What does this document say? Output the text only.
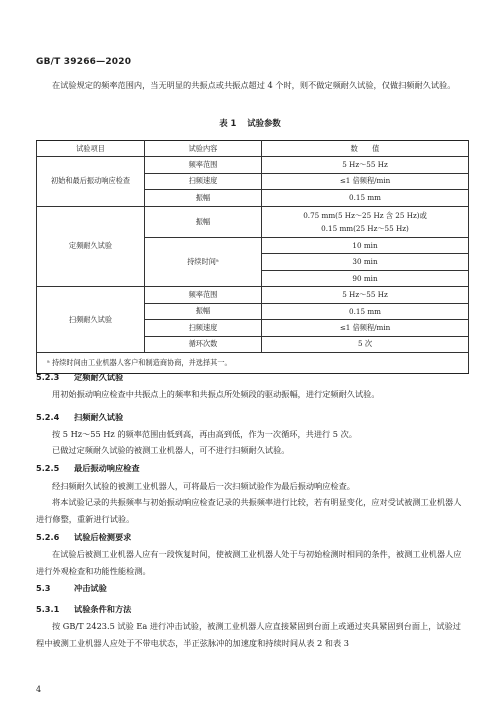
GB/T 39266—2020

在试验规定的频率范围内，当无明显的共振点或共振点超过 4 个时，则不做定频耐久试验，仅做扫频耐久试验。

表 1 试验参数
试验项目	试验内容	数　　值
初始和最后振动响应检查	频率范围	5 Hz～55 Hz
	扫频速度	≤1 倍频程/min
	振幅	0.15 mm
定频耐久试验	振幅	0.75 mm(5 Hz～25 Hz 含 25 Hz)或
0.15 mm(25 Hz～55 Hz)

	持续时间ᵃ	10 min
		30 min
		90 min
扫频耐久试验	频率范围	5 Hz～55 Hz
	振幅	0.15 mm
	扫频速度	≤1 倍频程/min
	循环次数	5 次
ᵃ 持续时间由工业机器人客户和制造商协商，并选择其一。		
5.2.3 定频耐久试验

用初始振动响应检查中共振点上的频率和共振点所处频段的驱动振幅，进行定频耐久试验。

5.2.4 扫频耐久试验

按 5 Hz～55 Hz 的频率范围由低到高，再由高到低，作为一次循环，共进行 5 次。

已做过定频耐久试验的被测工业机器人，可不进行扫频耐久试验。

5.2.5 最后振动响应检查

经扫频耐久试验的被测工业机器人，可将最后一次扫频试验作为最后振动响应检查。

将本试验记录的共振频率与初始振动响应检查记录的共振频率进行比较，若有明显变化，应对受试被测工业机器人进行修整，重新进行试验。

5.2.6 试验后检测要求

在试验后被测工业机器人应有一段恢复时间，使被测工业机器人处于与初始检测时相同的条件，被测工业机器人应进行外观检查和功能性能检测。

5.3	冲击试验
5.3.1 试验条件和方法

按 GB/T 2423.5 试验 Ea 进行冲击试验，被测工业机器人应直接紧固到台面上或通过夹具紧固到台面上，试验过程中被测工业机器人应处于不带电状态，半正弦脉冲的加速度和持续时间从表 2 和表 3

4
